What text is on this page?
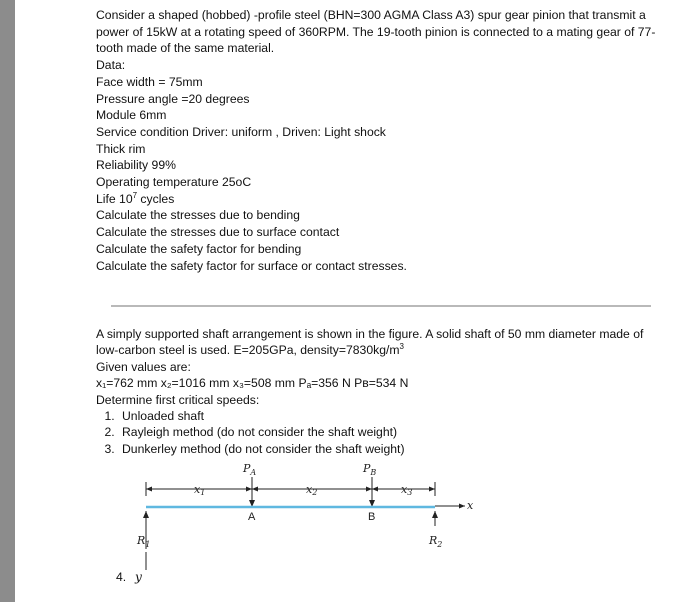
Consider a shaped (hobbed) -profile steel (BHN=300 AGMA Class A3) spur gear pinion that transmit a power of 15kW at a rotating speed of 360RPM. The 19-tooth pinion is connected to a mating gear of 77-tooth made of the same material.

Data:
Face width = 75mm
Pressure angle =20 degrees
Module 6mm
Service condition Driver: uniform , Driven: Light shock
Thick rim
Reliability 99%
Operating temperature 25oC
Life $10^7$ cycles
Calculate the stresses due to bending
Calculate the stresses due to surface contact
Calculate the safety factor for bending
Calculate the safety factor for surface or contact stresses.

A simply supported shaft arrangement is shown in the figure. A solid shaft of 50 mm diameter made of low-carbon steel is used. E=205GPa, $density=7830kg/m^3$

Given values are:
x₁=762 mm x₂=1016 mm x₃=508 mm Pₐ=356 N Pʙ=534 N
Determine first critical speeds:
1. Unloaded shaft
2. Rayleigh method (do not consider the shaft weight)
3. Dunkerley method (do not consider the shaft weight)
$P_A$	$P_B$
x1	x2	x3
x
$R_1$	$R_2$
A	B
4. y
